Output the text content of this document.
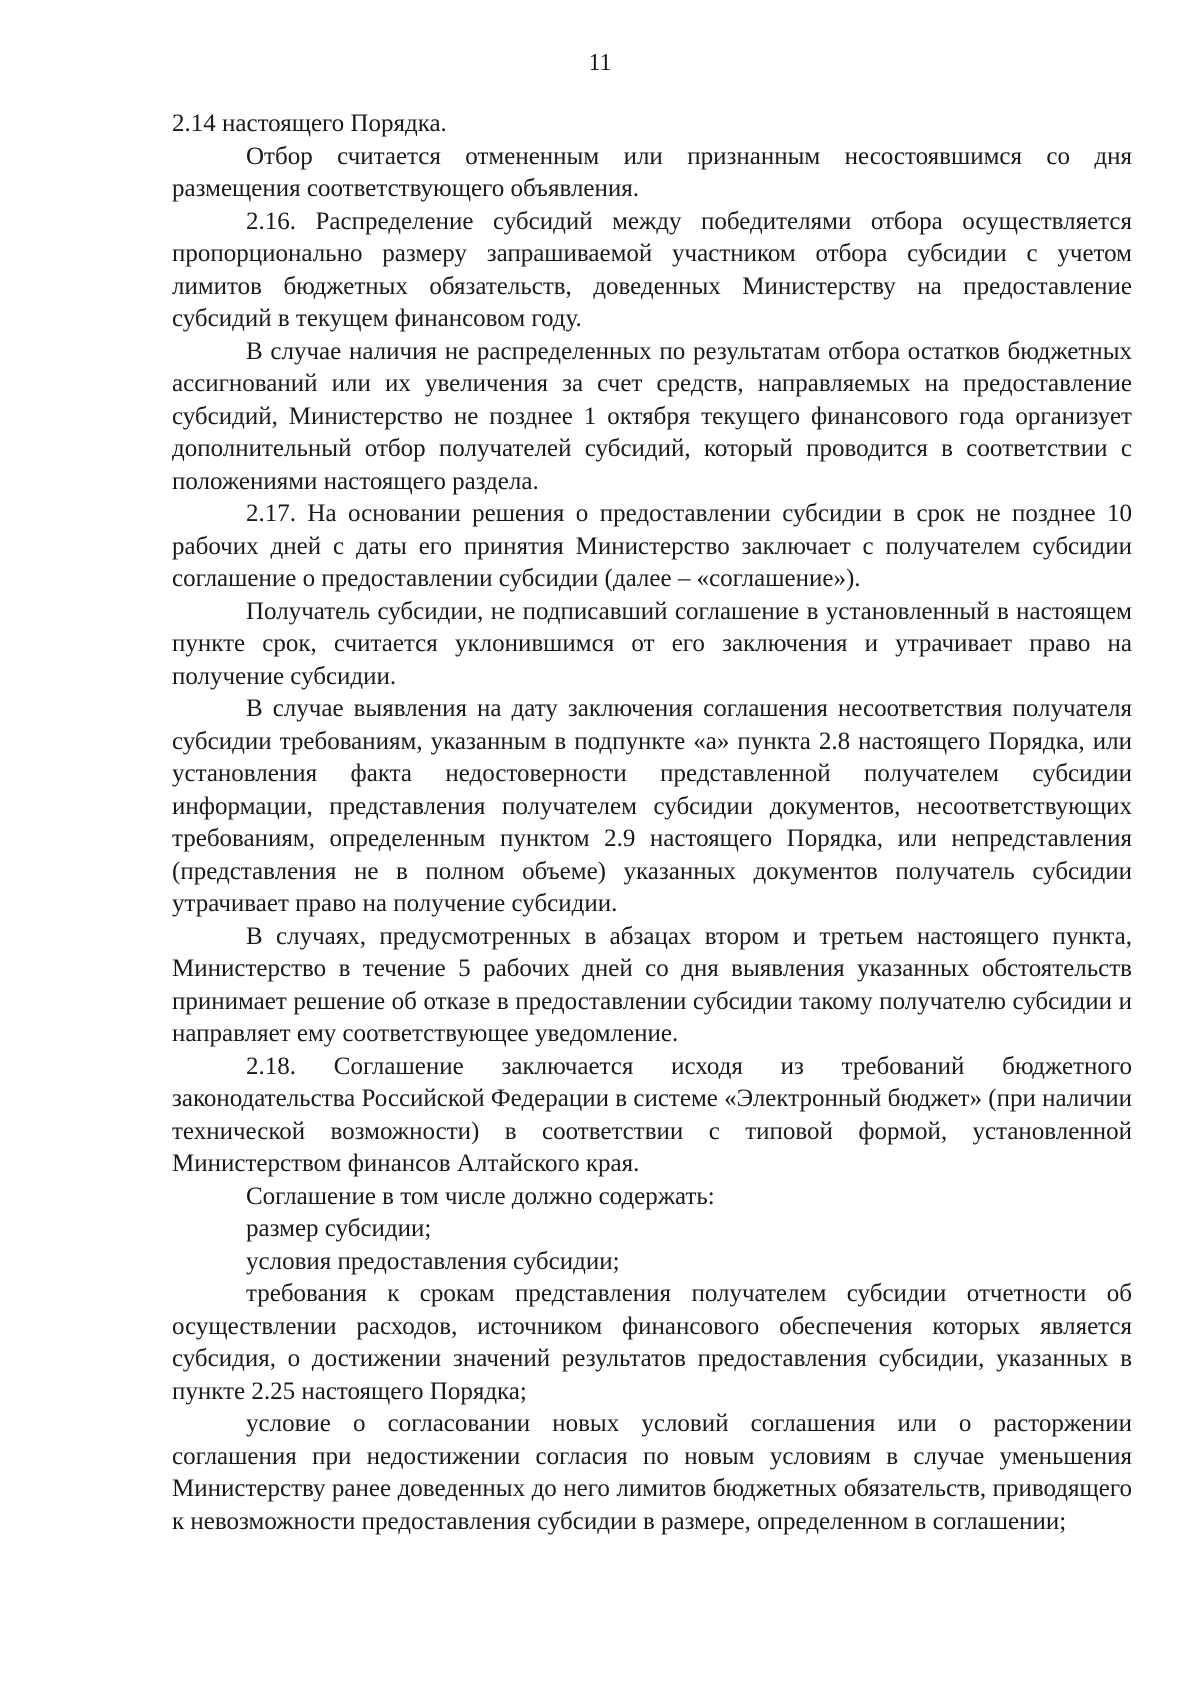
11

2.14 настоящего Порядка.

Отбор считается отмененным или признанным несостоявшимся со дня размещения соответствующего объявления.

2.16. Распределение субсидий между победителями отбора осуществляется пропорционально размеру запрашиваемой участником отбора субсидии с учетом лимитов бюджетных обязательств, доведенных Министерству на предоставление субсидий в текущем финансовом году.

В случае наличия не распределенных по результатам отбора остатков бюджетных ассигнований или их увеличения за счет средств, направляемых на предоставление субсидий, Министерство не позднее 1 октября текущего финансового года организует дополнительный отбор получателей субсидий, который проводится в соответствии с положениями настоящего раздела.

2.17. На основании решения о предоставлении субсидии в срок не позднее 10 рабочих дней с даты его принятия Министерство заключает с получателем субсидии соглашение о предоставлении субсидии (далее – «соглашение»).

Получатель субсидии, не подписавший соглашение в установленный в настоящем пункте срок, считается уклонившимся от его заключения и утрачивает право на получение субсидии.

В случае выявления на дату заключения соглашения несоответствия получателя субсидии требованиям, указанным в подпункте «а» пункта 2.8 настоящего Порядка, или установления факта недостоверности представленной получателем субсидии информации, представления получателем субсидии документов, несоответствующих требованиям, определенным пунктом 2.9 настоящего Порядка, или непредставления (представления не в полном объеме) указанных документов получатель субсидии утрачивает право на получение субсидии.

В случаях, предусмотренных в абзацах втором и третьем настоящего пункта, Министерство в течение 5 рабочих дней со дня выявления указанных обстоятельств принимает решение об отказе в предоставлении субсидии такому получателю субсидии и направляет ему соответствующее уведомление.

2.18. Соглашение заключается исходя из требований бюджетного законодательства Российской Федерации в системе «Электронный бюджет» (при наличии технической возможности) в соответствии с типовой формой, установленной Министерством финансов Алтайского края.

Соглашение в том числе должно содержать:

размер субсидии;

условия предоставления субсидии;

требования к срокам представления получателем субсидии отчетности об осуществлении расходов, источником финансового обеспечения которых является субсидия, о достижении значений результатов предоставления субсидии, указанных в пункте 2.25 настоящего Порядка;

условие о согласовании новых условий соглашения или о расторжении соглашения при недостижении согласия по новым условиям в случае уменьшения Министерству ранее доведенных до него лимитов бюджетных обязательств, приводящего к невозможности предоставления субсидии в размере, определенном в соглашении;
